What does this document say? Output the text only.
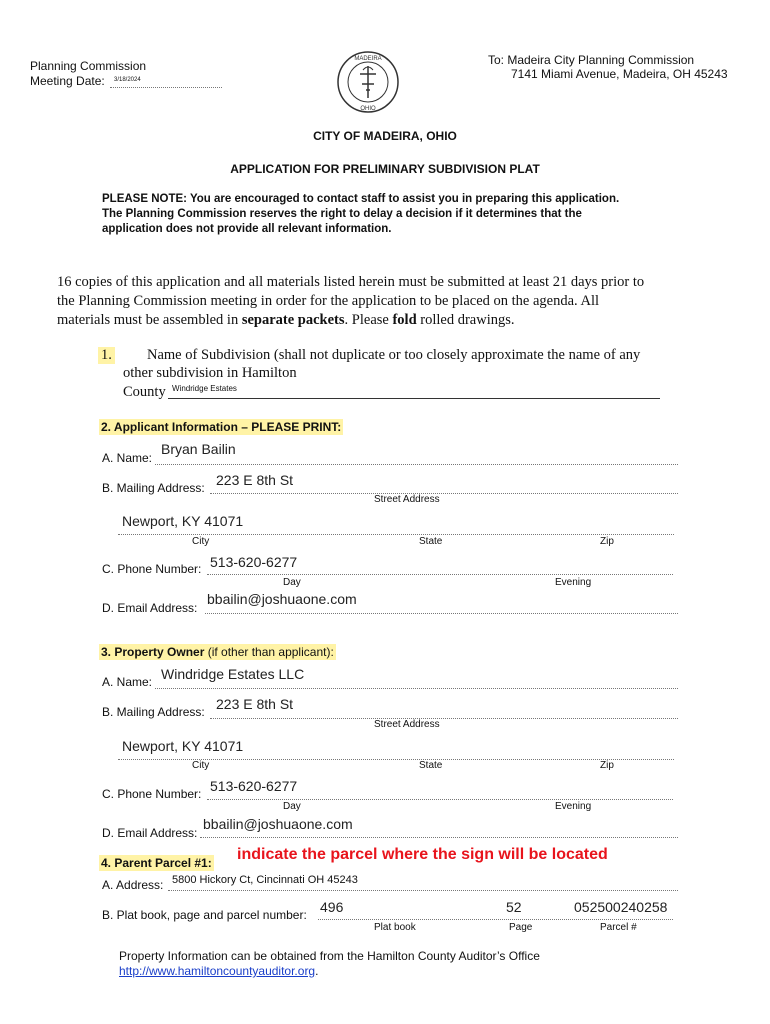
Planning Commission
Meeting Date: 3/18/2024
MADEIRA
OHIO
To: Madeira City Planning Commission
7141 Miami Avenue, Madeira, OH 45243
CITY OF MADEIRA, OHIO
APPLICATION FOR PRELIMINARY SUBDIVISION PLAT
PLEASE NOTE: You are encouraged to contact staff to assist you in preparing this application.
The Planning Commission reserves the right to delay a decision if it determines that the
application does not provide all relevant information.
16 copies of this application and all materials listed herein must be submitted at least 21 days prior to
the Planning Commission meeting in order for the application to be placed on the agenda. All
materials must be assembled in separate packets. Please fold rolled drawings.
1. Name of Subdivision (shall not duplicate or too closely approximate the name of any
other subdivision in Hamilton
County Windridge Estates
2. Applicant Information – PLEASE PRINT:
A. Name:
Bryan Bailin
B. Mailing Address: 223 E 8th St
Street Address
Newport, KY 41071
City	State	Zip
C. Phone Number: 513-620-6277
Day	Evening
D. Email Address:
bbailin@joshuaone.com
3. Property Owner (if other than applicant):
A. Name: Windridge Estates LLC
B. Mailing Address: 223 E 8th St
Street Address
Newport, KY 41071
City	State	Zip
C. Phone Number: 513-620-6277
Day	Evening
D. Email Address:
bbailin@joshuaone.com
4. Parent Parcel #1: indicate the parcel where the sign will be located
A. Address: 5800 Hickory Ct, Cincinnati OH 45243
B. Plat book, page and parcel number: 496	52	052500240258
Plat book	Page	Parcel #
Property Information can be obtained from the Hamilton County Auditor’s Office
http://www.hamiltoncountyauditor.org.
